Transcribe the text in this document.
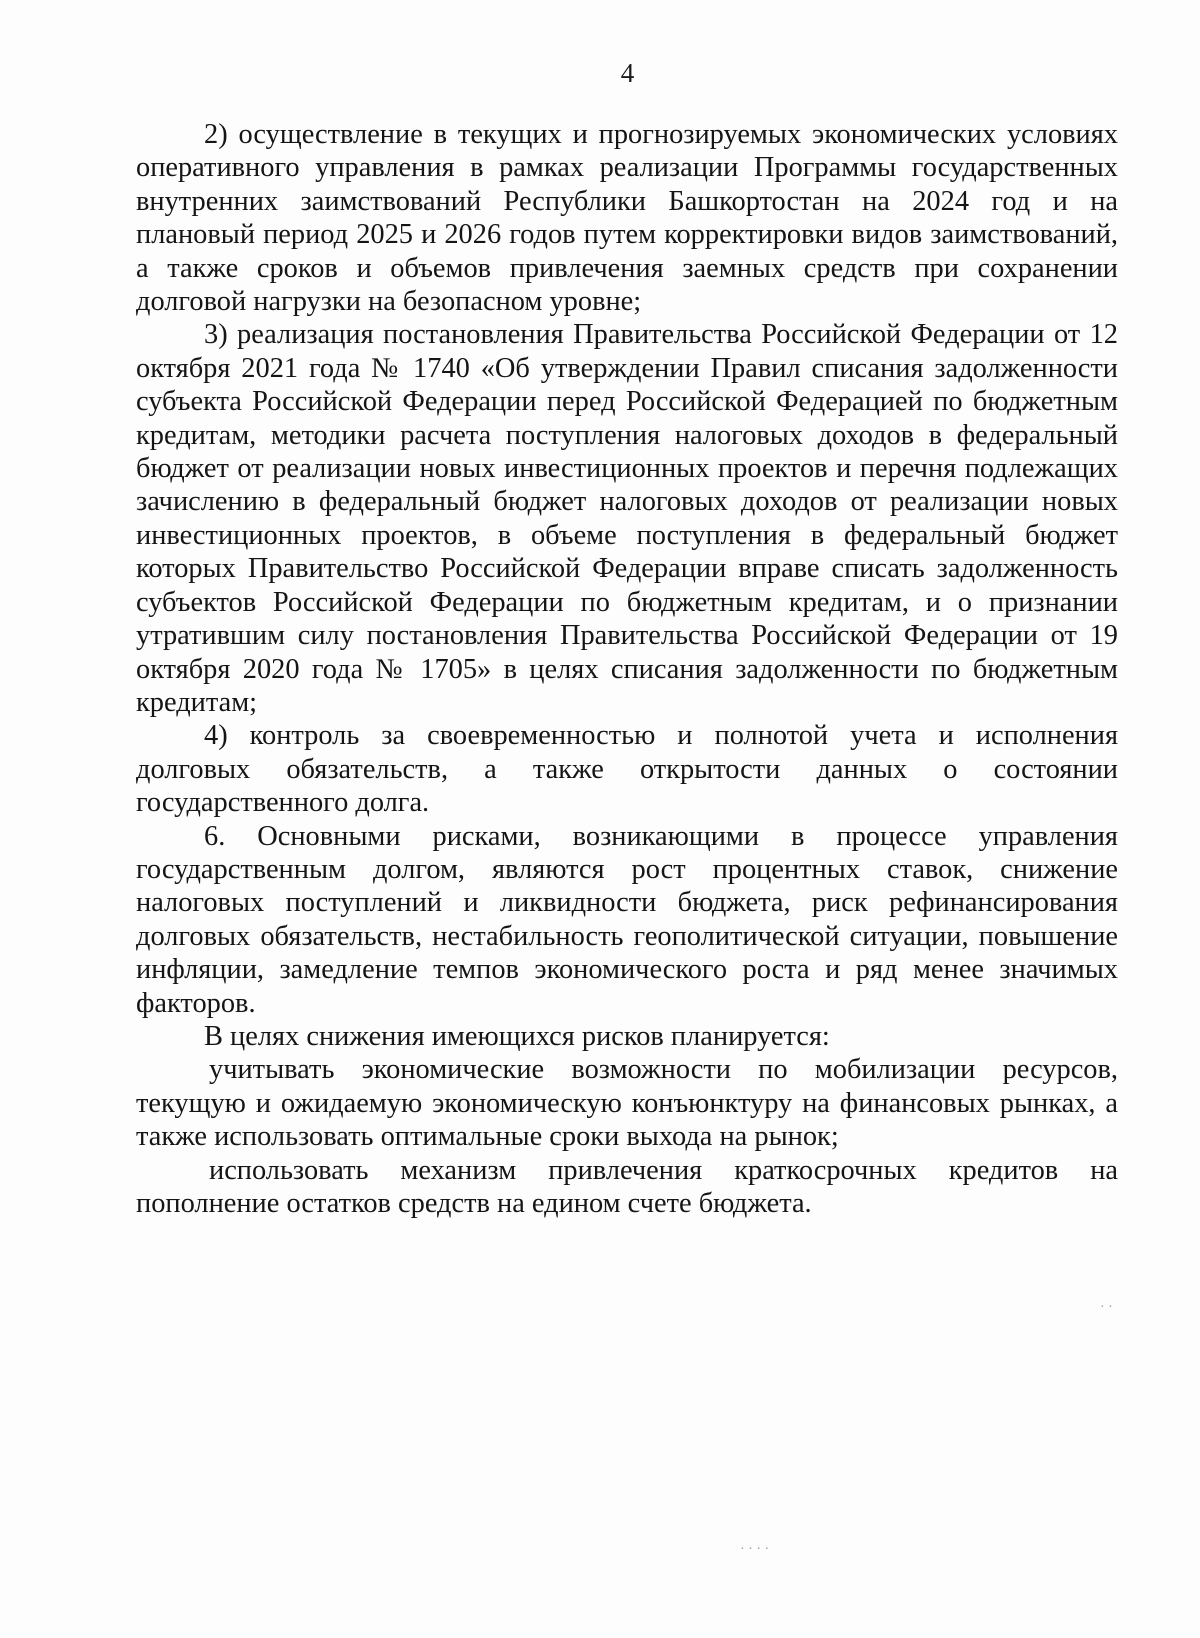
4

2) осуществление в текущих и прогнозируемых экономических условиях оперативного управления в рамках реализации Программы государственных внутренних заимствований Республики Башкортостан на 2024 год и на плановый период 2025 и 2026 годов путем корректировки видов заимствований, а также сроков и объемов привлечения заемных средств при сохранении долговой нагрузки на безопасном уровне;

3) реализация постановления Правительства Российской Федерации от 12 октября 2021 года № 1740 «Об утверждении Правил списания задолженности субъекта Российской Федерации перед Российской Федерацией по бюджетным кредитам, методики расчета поступления налоговых доходов в федеральный бюджет от реализации новых инвестиционных проектов и перечня подлежащих зачислению в федеральный бюджет налоговых доходов от реализации новых инвестиционных проектов, в объеме поступления в федеральный бюджет которых Правительство Российской Федерации вправе списать задолженность субъектов Российской Федерации по бюджетным кредитам, и о признании утратившим силу постановления Правительства Российской Федерации от 19 октября 2020 года № 1705» в целях списания задолженности по бюджетным кредитам;

4) контроль за своевременностью и полнотой учета и исполнения долговых обязательств, а также открытости данных о состоянии государственного долга.

6. Основными рисками, возникающими в процессе управления государственным долгом, являются рост процентных ставок, снижение налоговых поступлений и ликвидности бюджета, риск рефинансирования долговых обязательств, нестабильность геополитической ситуации, повышение инфляции, замедление темпов экономического роста и ряд менее значимых факторов.

В целях снижения имеющихся рисков планируется:

учитывать экономические возможности по мобилизации ресурсов, текущую и ожидаемую экономическую конъюнктуру на финансовых рынках, а также использовать оптимальные сроки выхода на рынок;

использовать механизм привлечения краткосрочных кредитов на пополнение остатков средств на едином счете бюджета.

· ·
· · · ·
